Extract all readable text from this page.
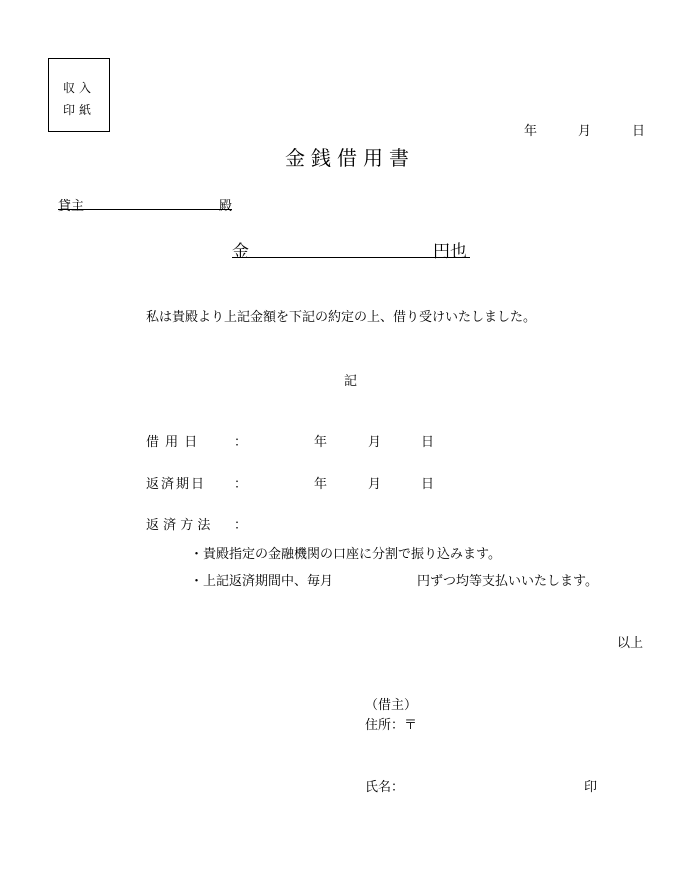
収入
印紙
年	月	日
金銭借用書
貸主	殿
金	円也
私は貴殿より上記金額を下記の約定の上、借り受けいたしました。
記
借 用 日	：	年	月	日
返済期日 ：	年	月	日
返 済 方 法 ：
・貴殿指定の金融機関の口座に分割で振り込みます。
・上記返済期間中、毎月	円ずつ均等支払いいたします。
以上
（借主）
住所：〒
氏名：	印
